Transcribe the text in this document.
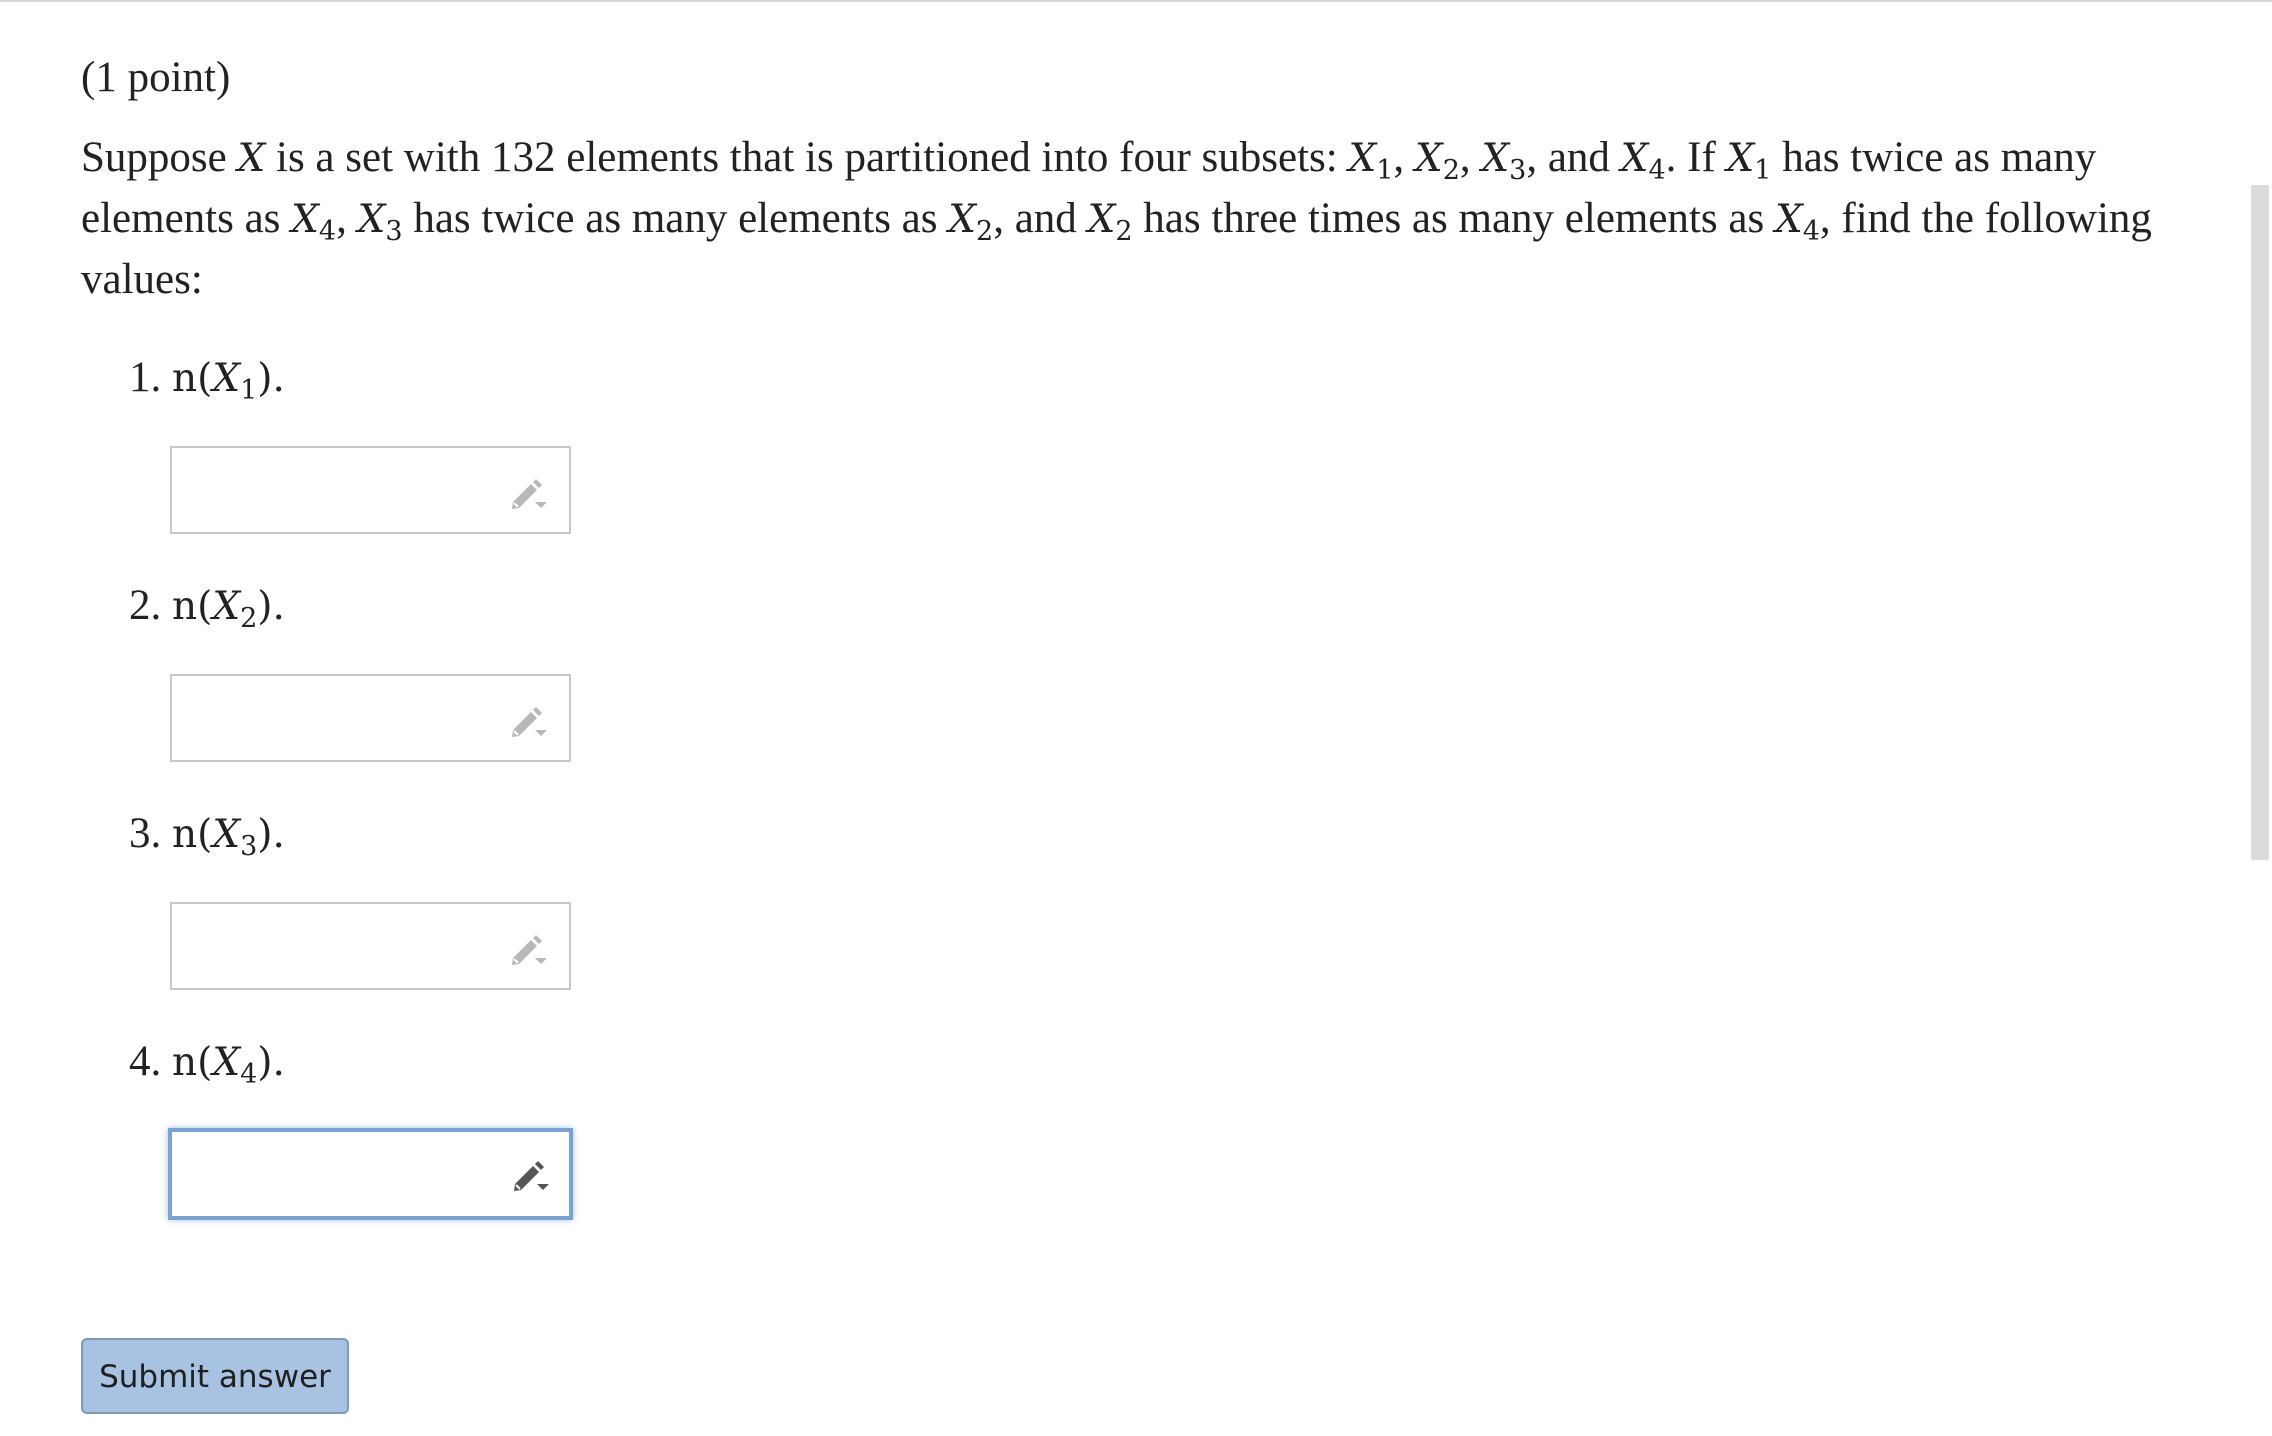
(1 point)
Suppose X is a set with 132 elements that is partitioned into four subsets: $X_1$, $X_2$, $X_3$, and $X_4$. If $X_1$ has twice as many elements as $X_4$, $X_3$ has twice as many elements as $X_2$, and $X_2$ has three times as many elements as $X_4$, find the following values:
1. $n(X_1)$.
2. $n(X_2)$.
3. $n(X_3)$.
4. $n(X_4)$.
Submit answer
